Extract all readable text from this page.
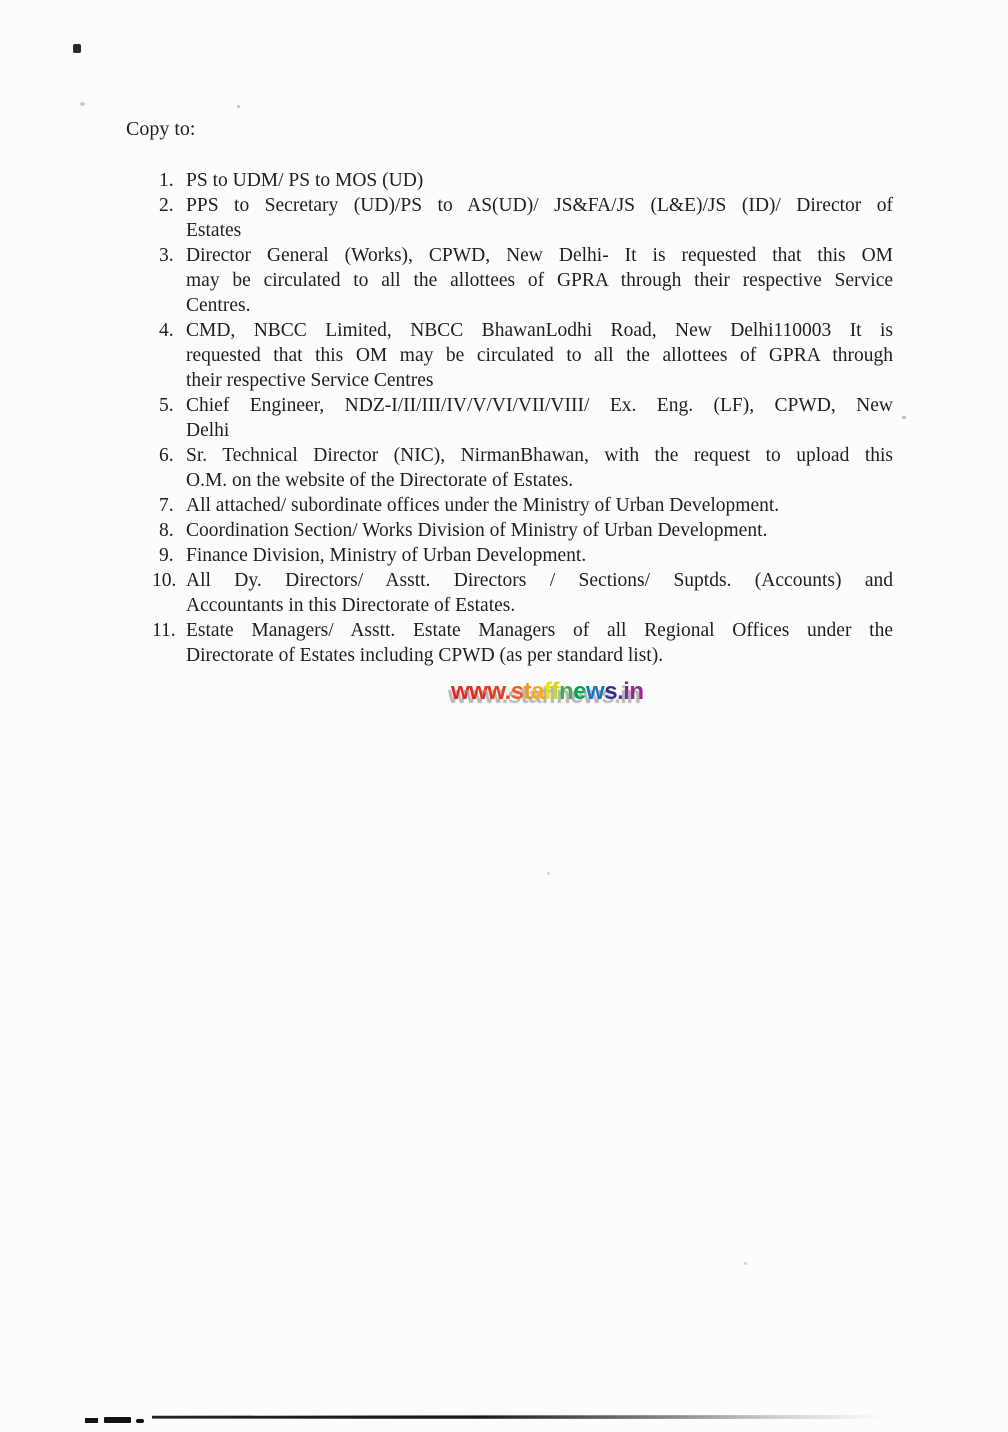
Copy to:
1. PS to UDM/ PS to MOS (UD)
2. PPS to Secretary (UD)/PS to AS(UD)/ JS&FA/JS (L&E)/JS (ID)/ Director of
Estates
3. Director General (Works), CPWD, New Delhi- It is requested that this OM
may be circulated to all the allottees of GPRA through their respective Service
Centres.
4. CMD, NBCC Limited, NBCC BhawanLodhi Road, New Delhi110003 It is
requested that this OM may be circulated to all the allottees of GPRA through
their respective Service Centres
5. Chief Engineer, NDZ-I/II/III/IV/V/VI/VII/VIII/ Ex. Eng. (LF), CPWD, New
Delhi
6. Sr. Technical Director (NIC), NirmanBhawan, with the request to upload this
O.M. on the website of the Directorate of Estates.
7. All attached/ subordinate offices under the Ministry of Urban Development.
8. Coordination Section/ Works Division of Ministry of Urban Development.
9. Finance Division, Ministry of Urban Development.
10. All Dy. Directors/ Asstt. Directors / Sections/ Suptds. (Accounts) and
Accountants in this Directorate of Estates.
11. Estate Managers/ Asstt. Estate Managers of all Regional Offices under the
Directorate of Estates including CPWD (as per standard list).
www.staffnews.in
